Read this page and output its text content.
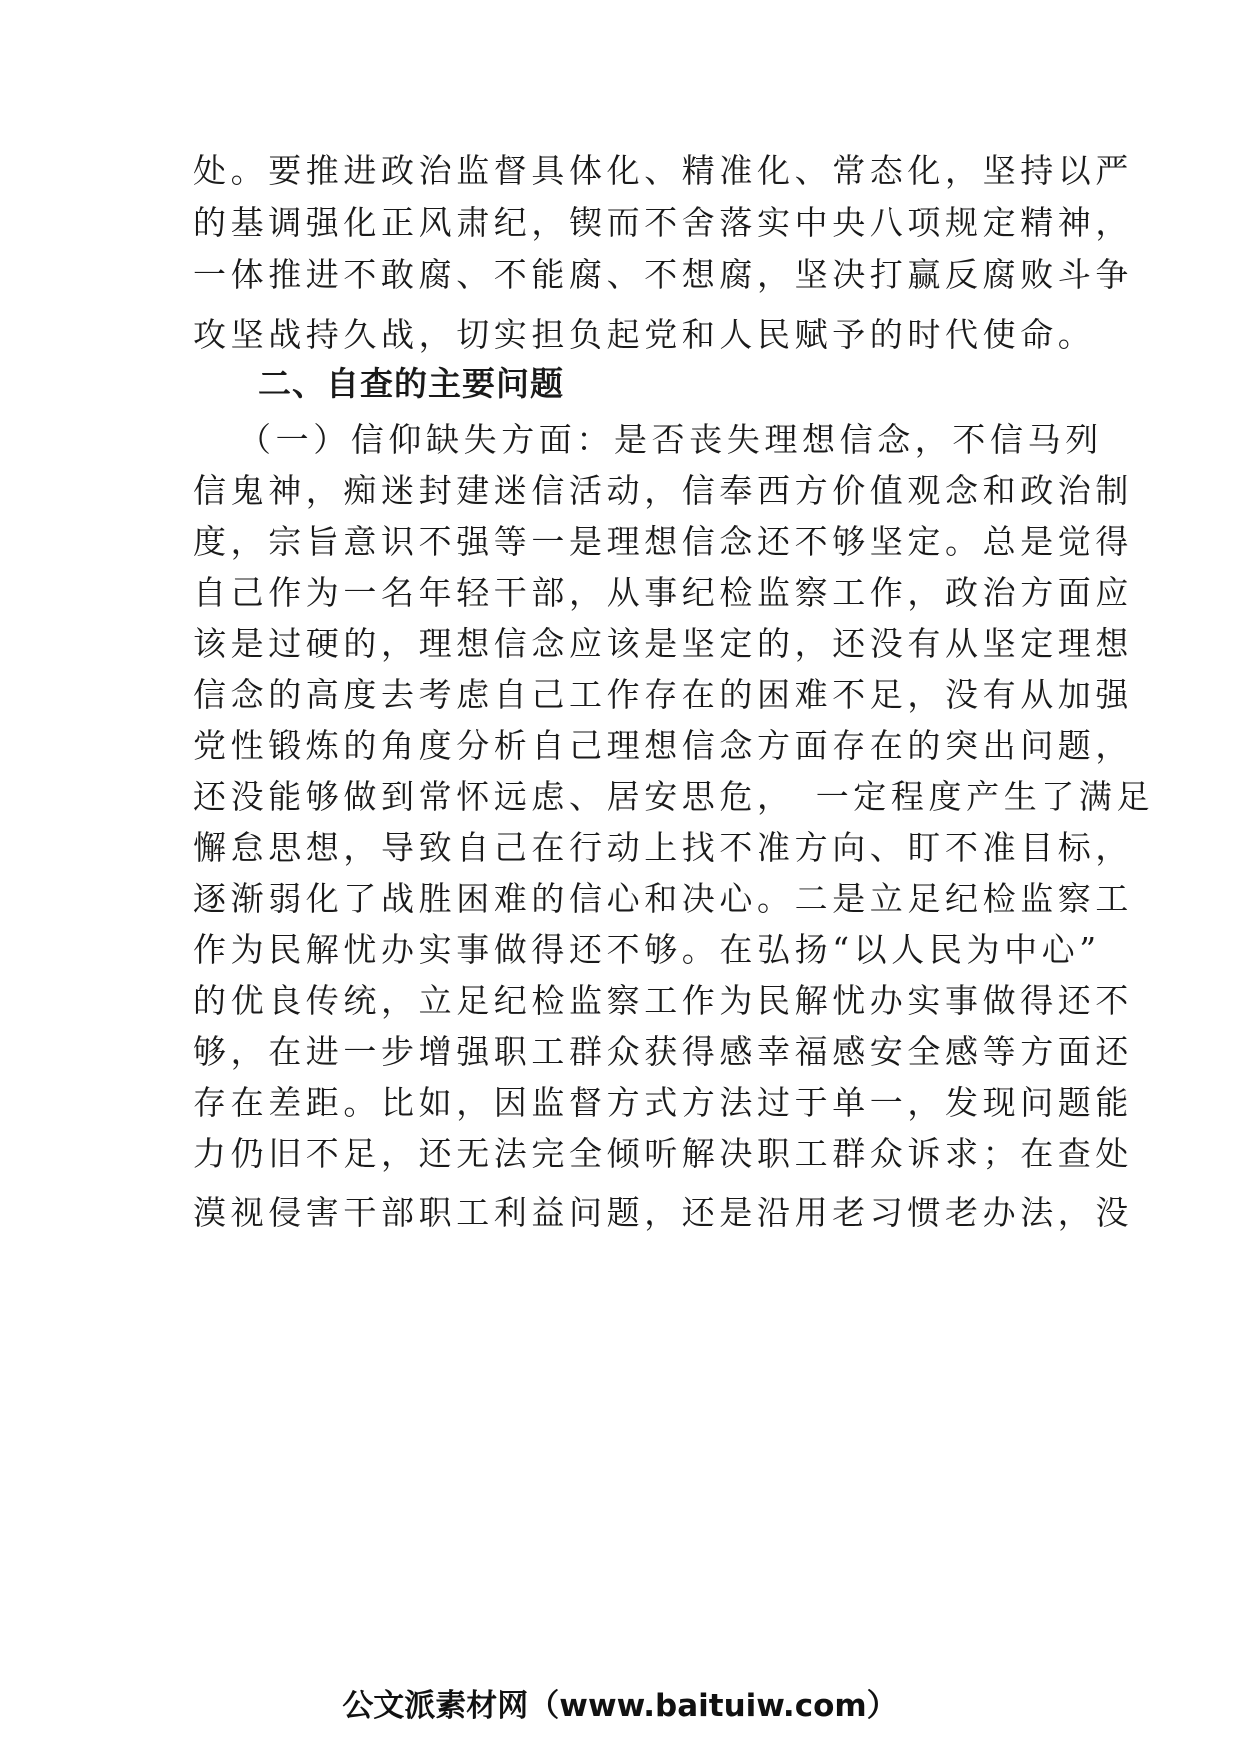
处。要推进政治监督具体化、精准化、常态化，坚持以严
的基调强化正风肃纪，锲而不舍落实中央八项规定精神，
一体推进不敢腐、不能腐、不想腐，坚决打赢反腐败斗争
攻坚战持久战，切实担负起党和人民赋予的时代使命。
二、自查的主要问题
（一）信仰缺失方面：是否丧失理想信念，不信马列
信鬼神，痴迷封建迷信活动，信奉西方价值观念和政治制
度，宗旨意识不强等一是理想信念还不够坚定。总是觉得
自己作为一名年轻干部，从事纪检监察工作，政治方面应
该是过硬的，理想信念应该是坚定的，还没有从坚定理想
信念的高度去考虑自己工作存在的困难不足，没有从加强
党性锻炼的角度分析自己理想信念方面存在的突出问题，
还没能够做到常怀远虑、居安思危，　一定程度产生了满足
懈怠思想，导致自己在行动上找不准方向、盯不准目标，
逐渐弱化了战胜困难的信心和决心。二是立足纪检监察工
作为民解忧办实事做得还不够。在弘扬“以人民为中心”
的优良传统，立足纪检监察工作为民解忧办实事做得还不
够，在进一步增强职工群众获得感幸福感安全感等方面还
存在差距。比如，因监督方式方法过于单一，发现问题能
力仍旧不足，还无法完全倾听解决职工群众诉求；在查处
漠视侵害干部职工利益问题，还是沿用老习惯老办法，没
公文派素材网（www.baituiw.com）
